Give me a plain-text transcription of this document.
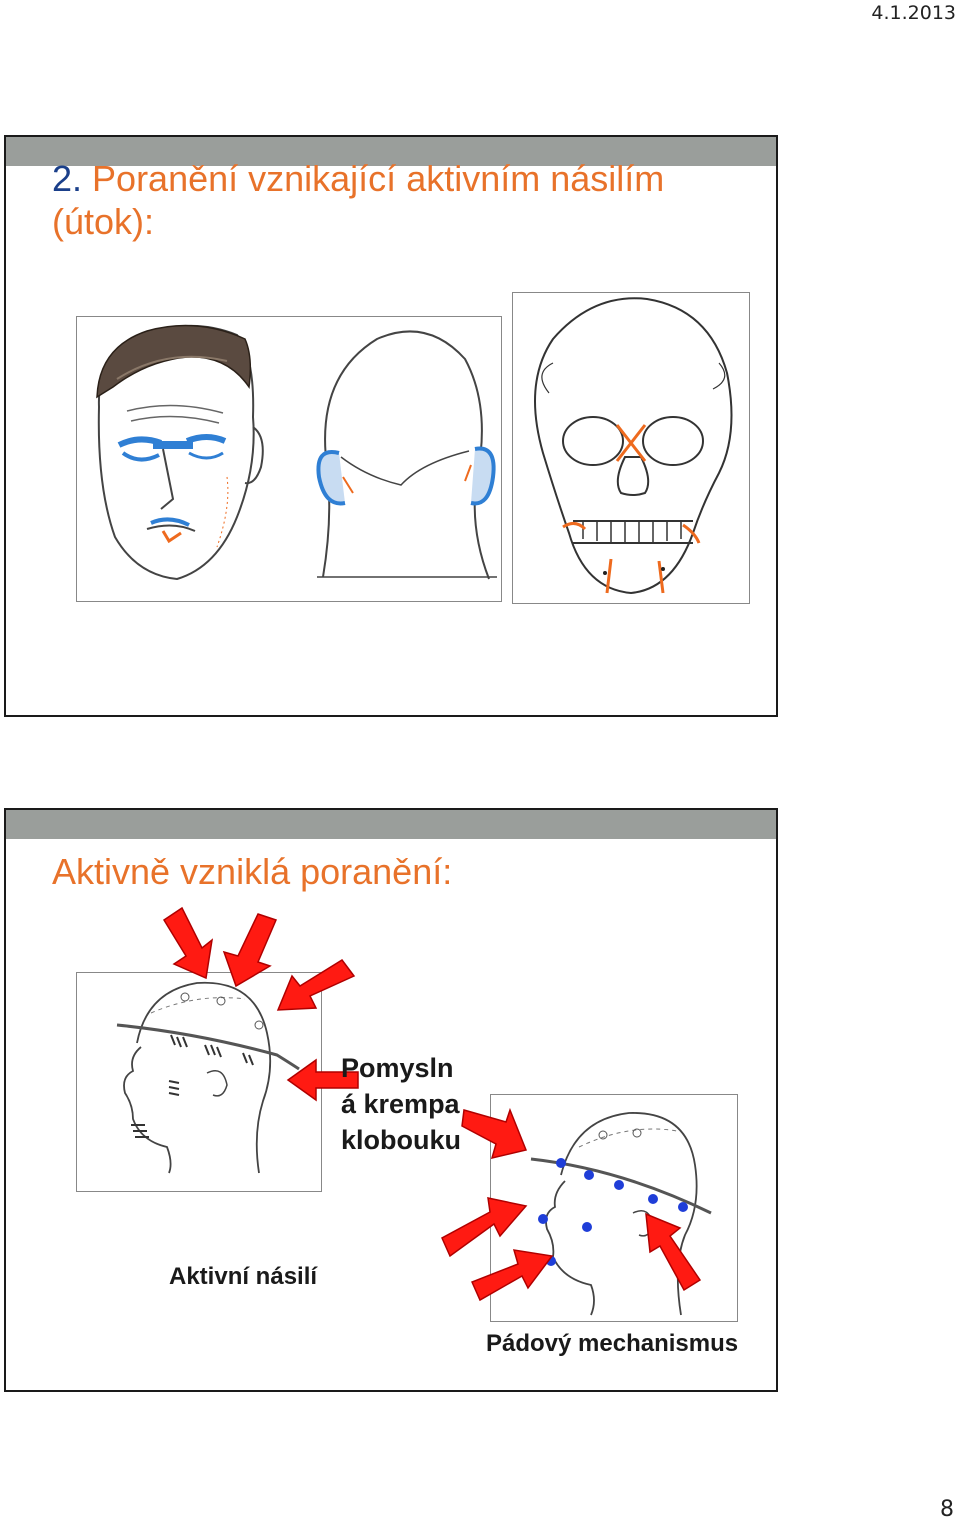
4.1.2013
2. Poranění vznikající aktivním násilím (útok):
Aktivně vzniklá poranění:
Pomysln
á krempa
klobouku
Aktivní násilí
Pádový mechanismus
8
